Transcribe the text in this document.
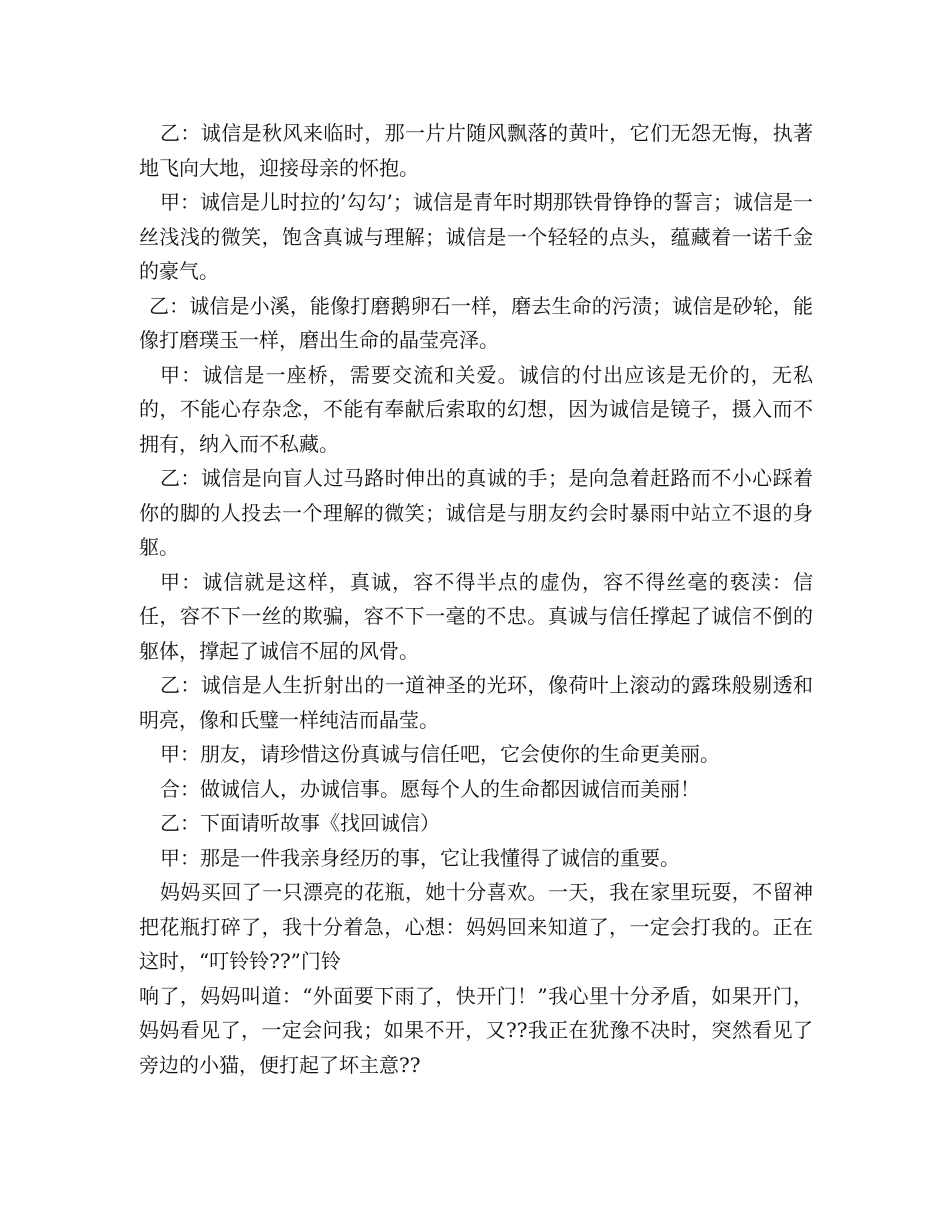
乙：诚信是秋风来临时，那一片片随风飘落的黄叶，它们无怨无悔，执著地飞向大地，迎接母亲的怀抱。

甲：诚信是儿时拉的’勾勾’；诚信是青年时期那铁骨铮铮的誓言；诚信是一丝浅浅的微笑，饱含真诚与理解；诚信是一个轻轻的点头，蕴藏着一诺千金的豪气。

乙：诚信是小溪，能像打磨鹅卵石一样，磨去生命的污渍；诚信是砂轮，能像打磨璞玉一样，磨出生命的晶莹亮泽。

甲：诚信是一座桥，需要交流和关爱。诚信的付出应该是无价的，无私的，不能心存杂念，不能有奉献后索取的幻想，因为诚信是镜子，摄入而不拥有，纳入而不私藏。

乙：诚信是向盲人过马路时伸出的真诚的手；是向急着赶路而不小心踩着你的脚的人投去一个理解的微笑；诚信是与朋友约会时暴雨中站立不退的身躯。

甲：诚信就是这样，真诚，容不得半点的虚伪，容不得丝毫的亵渎：信任，容不下一丝的欺骗，容不下一毫的不忠。真诚与信任撑起了诚信不倒的躯体，撑起了诚信不屈的风骨。

乙：诚信是人生折射出的一道神圣的光环，像荷叶上滚动的露珠般剔透和明亮，像和氏璧一样纯洁而晶莹。

甲：朋友，请珍惜这份真诚与信任吧，它会使你的生命更美丽。

合：做诚信人，办诚信事。愿每个人的生命都因诚信而美丽！

乙：下面请听故事《找回诚信）

甲：那是一件我亲身经历的事，它让我懂得了诚信的重要。

妈妈买回了一只漂亮的花瓶，她十分喜欢。一天，我在家里玩耍，不留神把花瓶打碎了，我十分着急，心想：妈妈回来知道了，一定会打我的。正在这时，“叮铃铃??”门铃

响了，妈妈叫道：“外面要下雨了，快开门！”我心里十分矛盾，如果开门，妈妈看见了，一定会问我；如果不开，又??我正在犹豫不决时，突然看见了旁边的小猫，便打起了坏主意??
